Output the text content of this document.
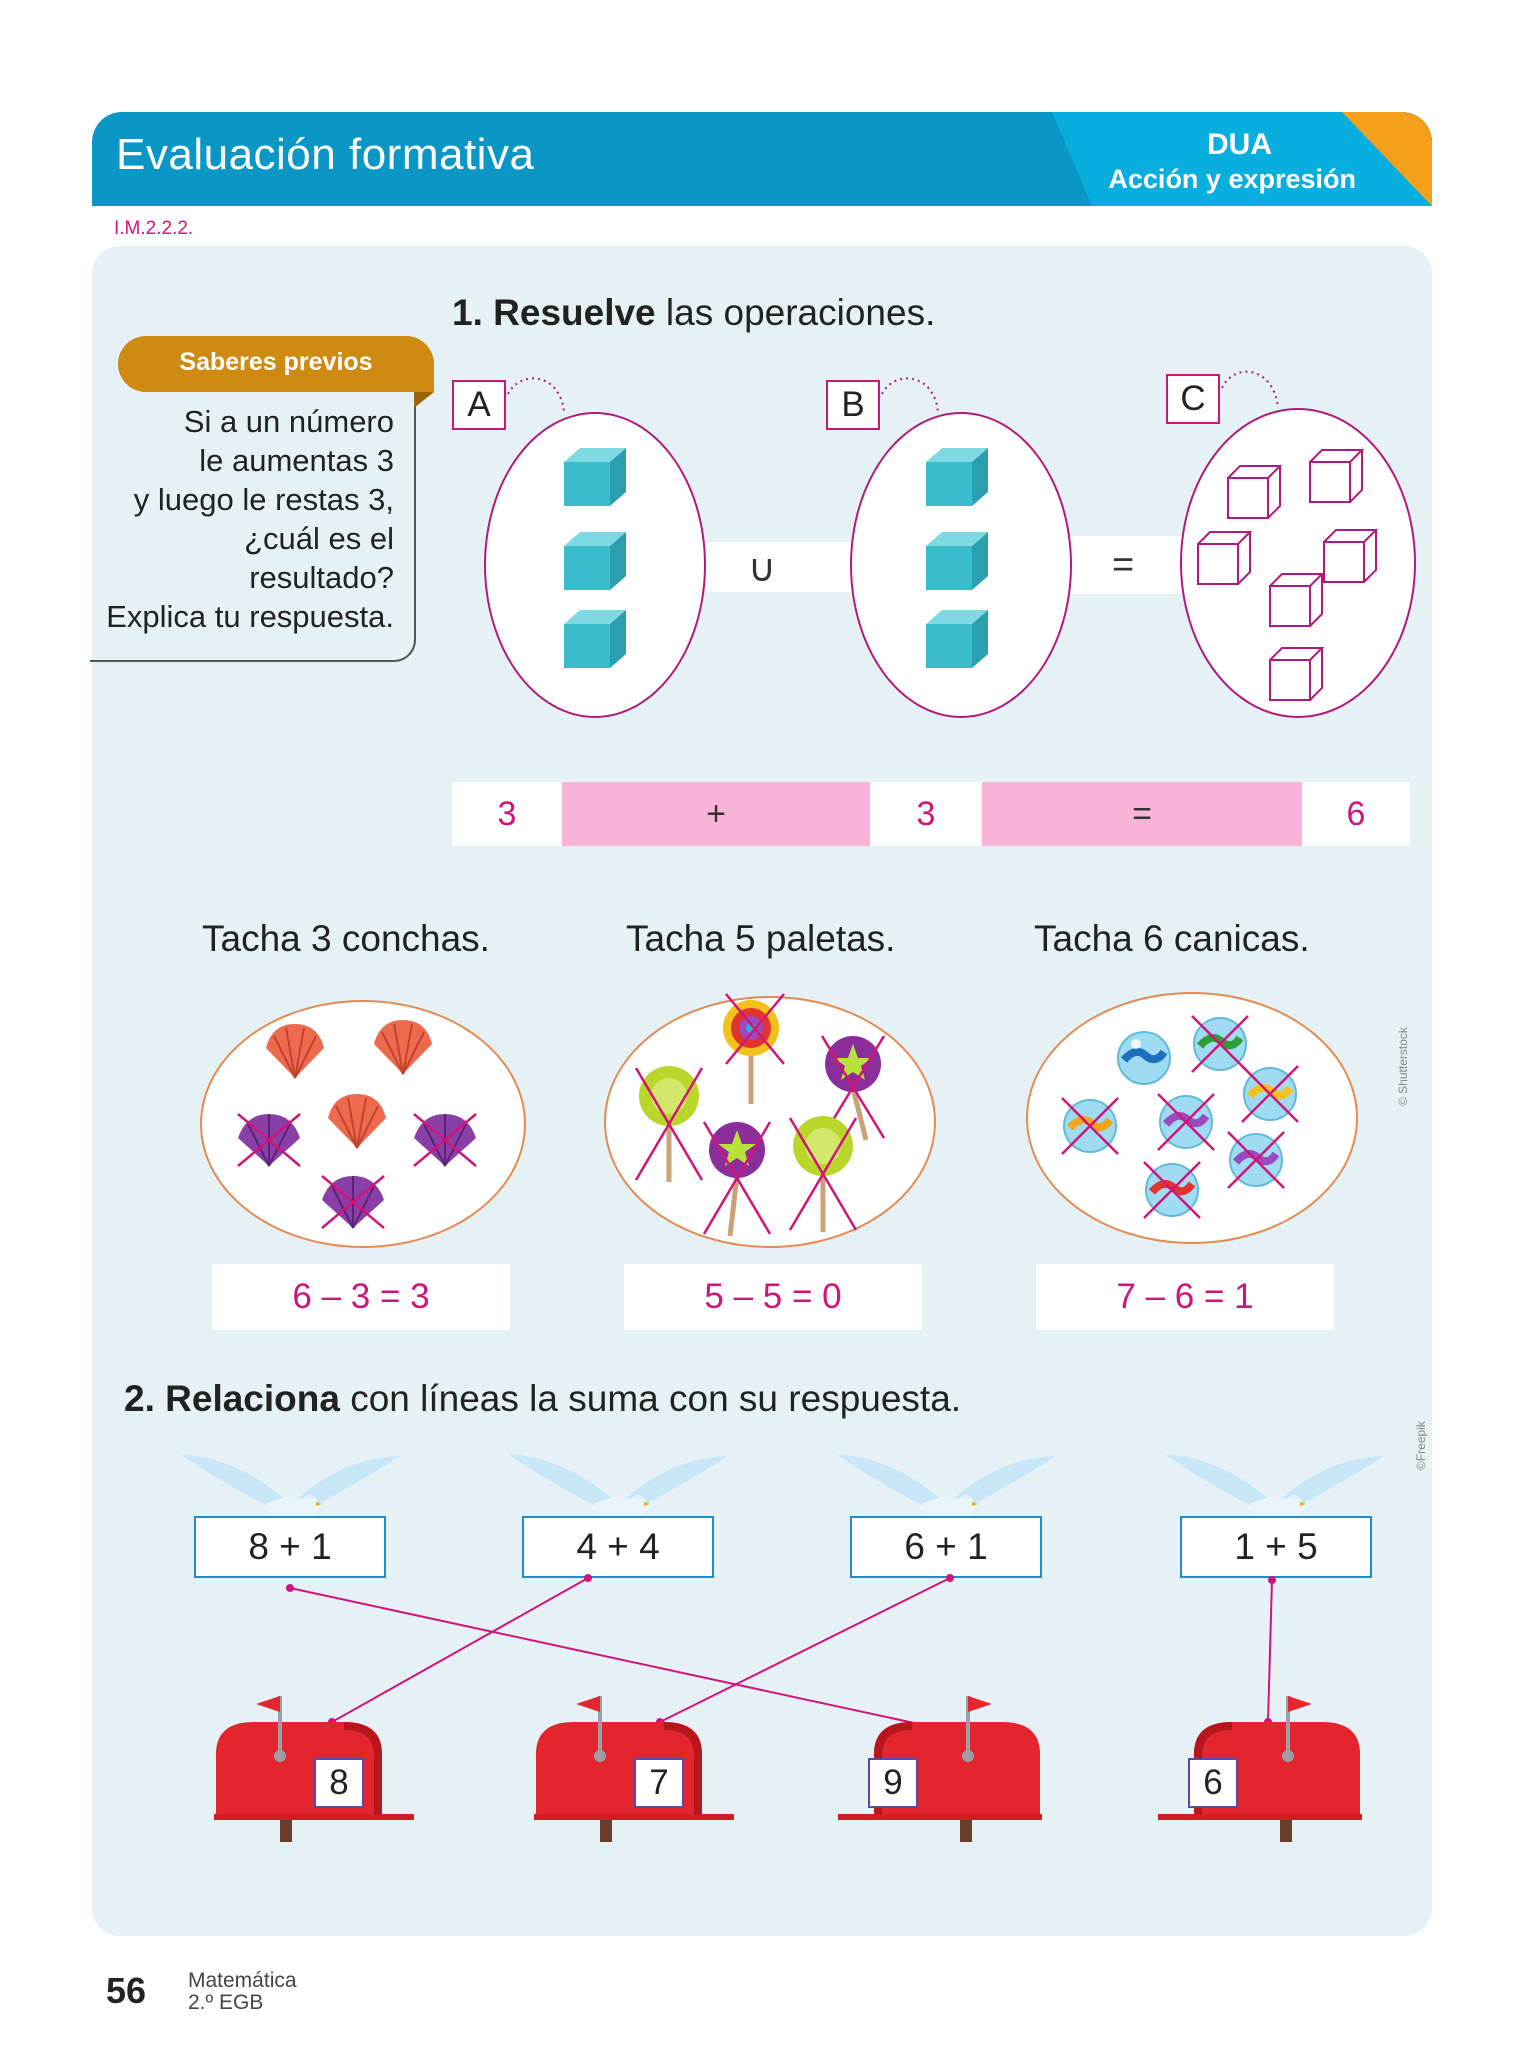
Evaluación formativa	DUA
Acción y expresión
I.M.2.2.2.
Si a un número
le aumentas 3
y luego le restas 3,
¿cuál es el
resultado?
Explica tu respuesta.
Saberes previos
1. Resuelve las operaciones.
∪	=
A	B	C
3	+	3	=	6
Tacha 3 conchas.	Tacha 5 paletas.	Tacha 6 canicas.
6 – 3 = 3	5 – 5 = 0	7 – 6 = 1
© Shutterstock
©Freepik
2. Relaciona con líneas la suma con su respuesta.
8 + 1	4 + 4	6 + 1	1 + 5
8	7	9	6
56 Matemática
2.º EGB
